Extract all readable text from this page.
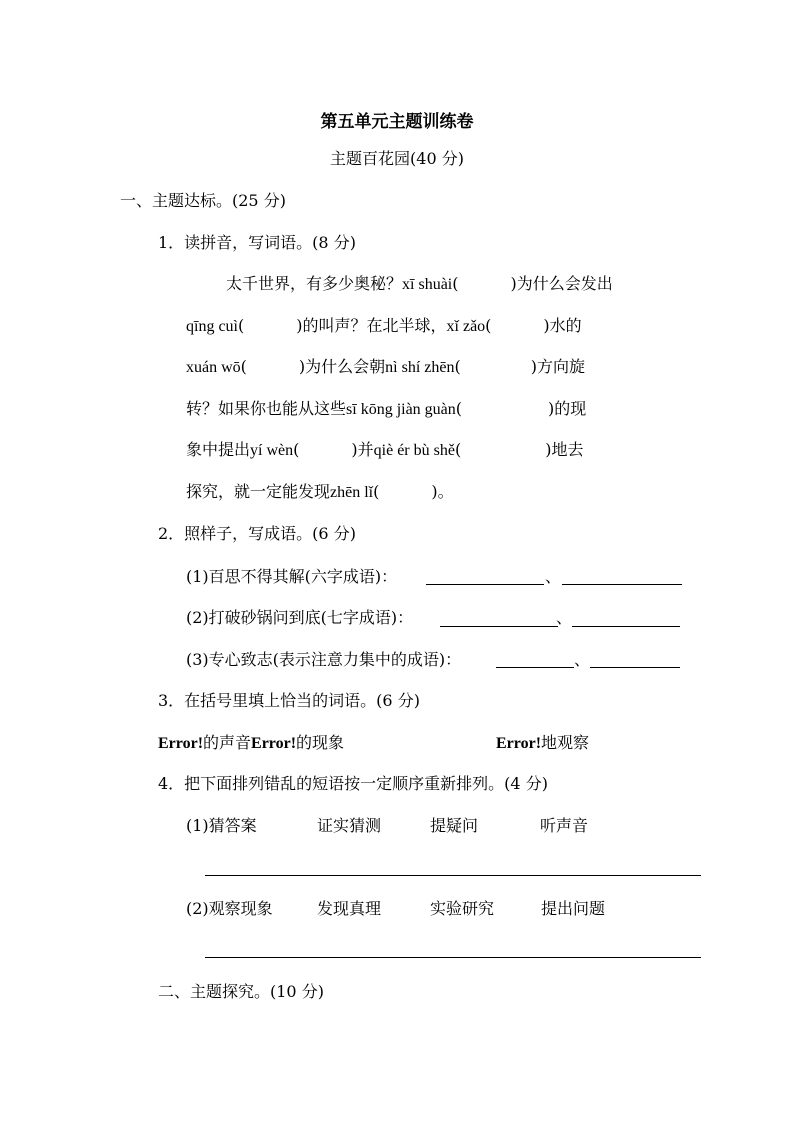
第五单元主题训练卷
主题百花园(40 分)
一、主题达标。(25 分)
1．读拼音，写词语。(8 分)
太千世界，有多少奥秘？xī shuài(	)为什么会发出
qīng cuì(	)的叫声？在北半球，xǐ zǎo(	)水的
xuán wō(	)为什么会朝nì shí zhēn(	)方向旋
转？如果你也能从这些sī kōng jiàn guàn(	)的现
象中提出yí wèn(	)并qiè ér bù shě(	)地去
探究，就一定能发现zhēn lǐ(	)。
2．照样子，写成语。(6 分)
(1)百思不得其解(六字成语)：	、
(2)打破砂锅问到底(七字成语)：	、
(3)专心致志(表示注意力集中的成语)：	、
3．在括号里填上恰当的词语。(6 分)
Error!的声音Error!的现象	Error!地观察
4．把下面排列错乱的短语按一定顺序重新排列。(4 分)
(1)猜答案	证实猜测	提疑问	听声音
(2)观察现象	发现真理	实验研究	提出问题
二、主题探究。(10 分)
